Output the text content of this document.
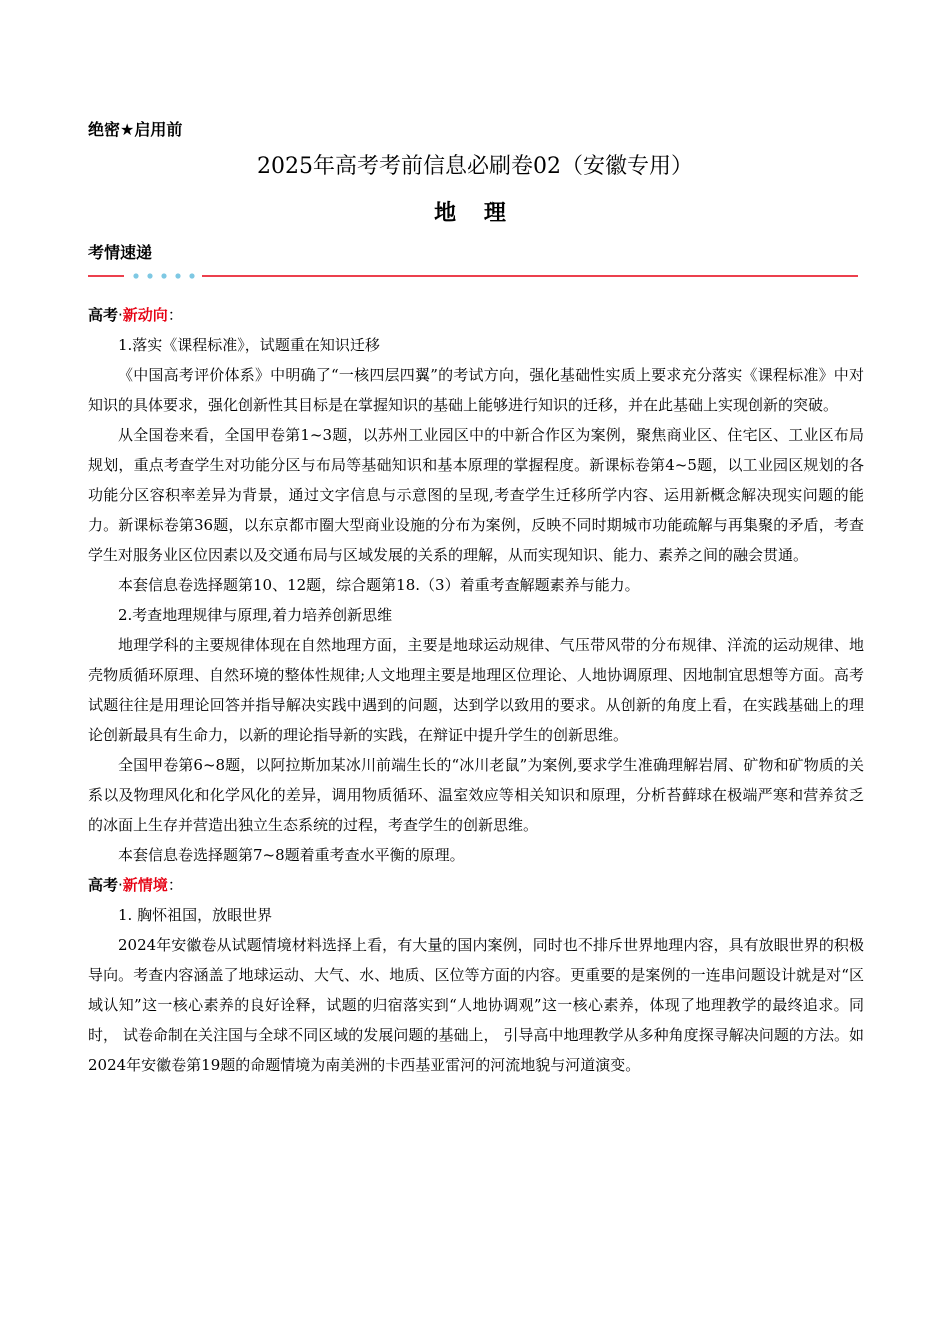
绝密★启用前
2025年高考考前信息必刷卷02（安徽专用）
地 理
考情速递
高考·新动向：

1.落实《课程标准》，试题重在知识迁移

《中国高考评价体系》中明确了“一核四层四翼”的考试方向，强化基础性实质上要求充分落实《课程标准》中对知识的具体要求，强化创新性其目标是在掌握知识的基础上能够进行知识的迁移，并在此基础上实现创新的突破。

从全国卷来看，全国甲卷第1~3题，以苏州工业园区中的中新合作区为案例，聚焦商业区、住宅区、工业区布局规划，重点考查学生对功能分区与布局等基础知识和基本原理的掌握程度。新课标卷第4~5题，以工业园区规划的各功能分区容积率差异为背景，通过文字信息与示意图的呈现,考查学生迁移所学内容、运用新概念解决现实问题的能力。新课标卷第36题，以东京都市圈大型商业设施的分布为案例，反映不同时期城市功能疏解与再集聚的矛盾，考查学生对服务业区位因素以及交通布局与区域发展的关系的理解，从而实现知识、能力、素养之间的融会贯通。

本套信息卷选择题第10、12题，综合题第18.（3）着重考查解题素养与能力。

2.考查地理规律与原理,着力培养创新思维

地理学科的主要规律体现在自然地理方面，主要是地球运动规律、气压带风带的分布规律、洋流的运动规律、地壳物质循环原理、自然环境的整体性规律;人文地理主要是地理区位理论、人地协调原理、因地制宜思想等方面。高考试题往往是用理论回答并指导解决实践中遇到的问题，达到学以致用的要求。从创新的角度上看，在实践基础上的理论创新最具有生命力，以新的理论指导新的实践，在辩证中提升学生的创新思维。

全国甲卷第6~8题，以阿拉斯加某冰川前端生长的“冰川老鼠”为案例,要求学生准确理解岩屑、矿物和矿物质的关系以及物理风化和化学风化的差异，调用物质循环、温室效应等相关知识和原理，分析苔藓球在极端严寒和营养贫乏的冰面上生存并营造出独立生态系统的过程，考查学生的创新思维。

本套信息卷选择题第7~8题着重考查水平衡的原理。

高考·新情境：

1. 胸怀祖国，放眼世界

2024年安徽卷从试题情境材料选择上看，有大量的国内案例，同时也不排斥世界地理内容，具有放眼世界的积极导向。考查内容涵盖了地球运动、大气、水、地质、区位等方面的内容。更重要的是案例的一连串问题设计就是对“区域认知”这一核心素养的良好诠释，试题的归宿落实到“人地协调观”这一核心素养，体现了地理教学的最终追求。同时， 试卷命制在关注国与全球不同区域的发展问题的基础上， 引导高中地理教学从多种角度探寻解决问题的方法。如2024年安徽卷第19题的命题情境为南美洲的卡西基亚雷河的河流地貌与河道演变。
